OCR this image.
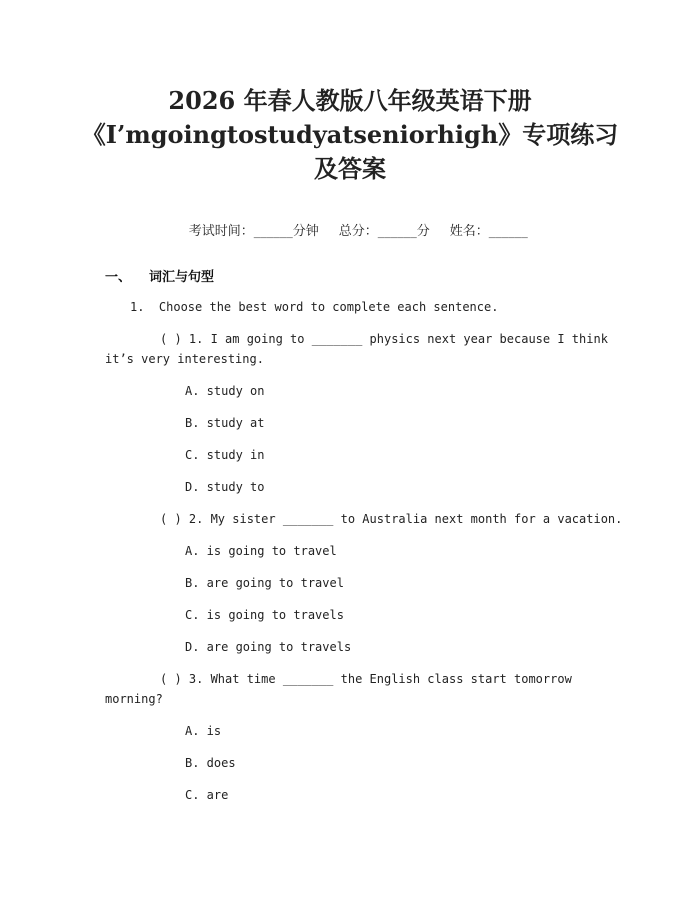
2026 年春人教版八年级英语下册
《I’mgoingtostudyatseniorhigh》专项练习
及答案

考试时间：______分钟 总分：______分 姓名：______

一、 词汇与句型
1.  Choose the best word to complete each sentence.
( ) 1. I am going to _______ physics next year because I think
it’s very interesting.
A. study on
B. study at
C. study in
D. study to
( ) 2. My sister _______ to Australia next month for a vacation.
A. is going to travel
B. are going to travel
C. is going to travels
D. are going to travels
( ) 3. What time _______ the English class start tomorrow
morning?
A. is
B. does
C. are
